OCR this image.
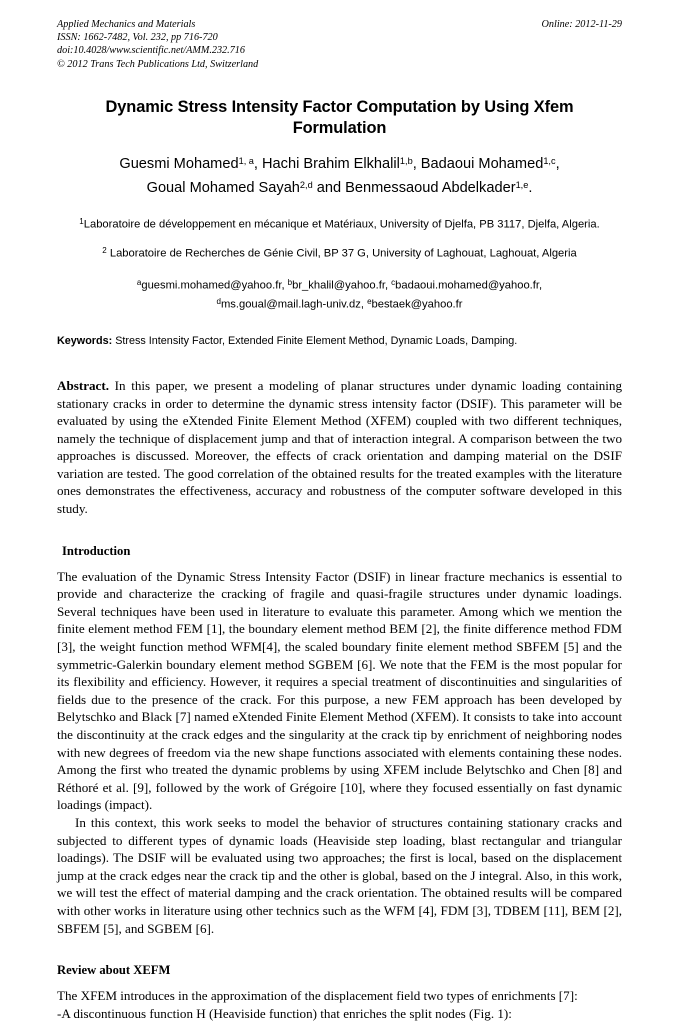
Applied Mechanics and Materials
ISSN: 1662-7482, Vol. 232, pp 716-720
doi:10.4028/www.scientific.net/AMM.232.716
© 2012 Trans Tech Publications Ltd, Switzerland
Online: 2012-11-29
Dynamic Stress Intensity Factor Computation by Using Xfem Formulation
Guesmi Mohamed$^{1, a}$, Hachi Brahim Elkhalil$^{1,b}$, Badaoui Mohamed$^{1,c}$,
Goual Mohamed Sayah$^{2,d}$ and Benmessaoud Abdelkader$^{1,e}$.
$^1$Laboratoire de développement en mécanique et Matériaux, University of Djelfa, PB 3117, Djelfa, Algeria.
$^2$ Laboratoire de Recherches de Génie Civil, BP 37 G, University of Laghouat, Laghouat, Algeria
$^a$guesmi.mohamed@yahoo.fr, $^b$br_khalil@yahoo.fr, $^c$badaoui.mohamed@yahoo.fr,
$^d$ms.goual@mail.lagh-univ.dz, $^e$bestaek@yahoo.fr
Keywords: Stress Intensity Factor, Extended Finite Element Method, Dynamic Loads, Damping.
Abstract. In this paper, we present a modeling of planar structures under dynamic loading containing stationary cracks in order to determine the dynamic stress intensity factor (DSIF). This parameter will be evaluated by using the eXtended Finite Element Method (XFEM) coupled with two different techniques, namely the technique of displacement jump and that of interaction integral. A comparison between the two approaches is discussed. Moreover, the effects of crack orientation and damping material on the DSIF variation are tested. The good correlation of the obtained results for the treated examples with the literature ones demonstrates the effectiveness, accuracy and robustness of the computer software developed in this study.
Introduction
The evaluation of the Dynamic Stress Intensity Factor (DSIF) in linear fracture mechanics is essential to provide and characterize the cracking of fragile and quasi-fragile structures under dynamic loadings. Several techniques have been used in literature to evaluate this parameter. Among which we mention the finite element method FEM [1], the boundary element method BEM [2], the finite difference method FDM [3], the weight function method WFM[4], the scaled boundary finite element method SBFEM [5] and the symmetric-Galerkin boundary element method SGBEM [6]. We note that the FEM is the most popular for its flexibility and efficiency. However, it requires a special treatment of discontinuities and singularities of fields due to the presence of the crack. For this purpose, a new FEM approach has been developed by Belytschko and Black [7] named eXtended Finite Element Method (XFEM). It consists to take into account the discontinuity at the crack edges and the singularity at the crack tip by enrichment of neighboring nodes with new degrees of freedom via the new shape functions associated with elements containing these nodes. Among the first who treated the dynamic problems by using XFEM include Belytschko and Chen [8] and Réthoré et al. [9], followed by the work of Grégoire [10], where they focused essentially on fast dynamic loadings (impact).
In this context, this work seeks to model the behavior of structures containing stationary cracks and subjected to different types of dynamic loads (Heaviside step loading, blast rectangular and triangular loadings). The DSIF will be evaluated using two approaches; the first is local, based on the displacement jump at the crack edges near the crack tip and the other is global, based on the J integral. Also, in this work, we will test the effect of material damping and the crack orientation. The obtained results will be compared with other works in literature using other technics such as the WFM [4], FDM [3], TDBEM [11], BEM [2], SBFEM [5], and SGBEM [6].
Review about XEFM
The XFEM introduces in the approximation of the displacement field two types of enrichments [7]:
-A discontinuous function H (Heaviside function) that enriches the split nodes (Fig. 1):
